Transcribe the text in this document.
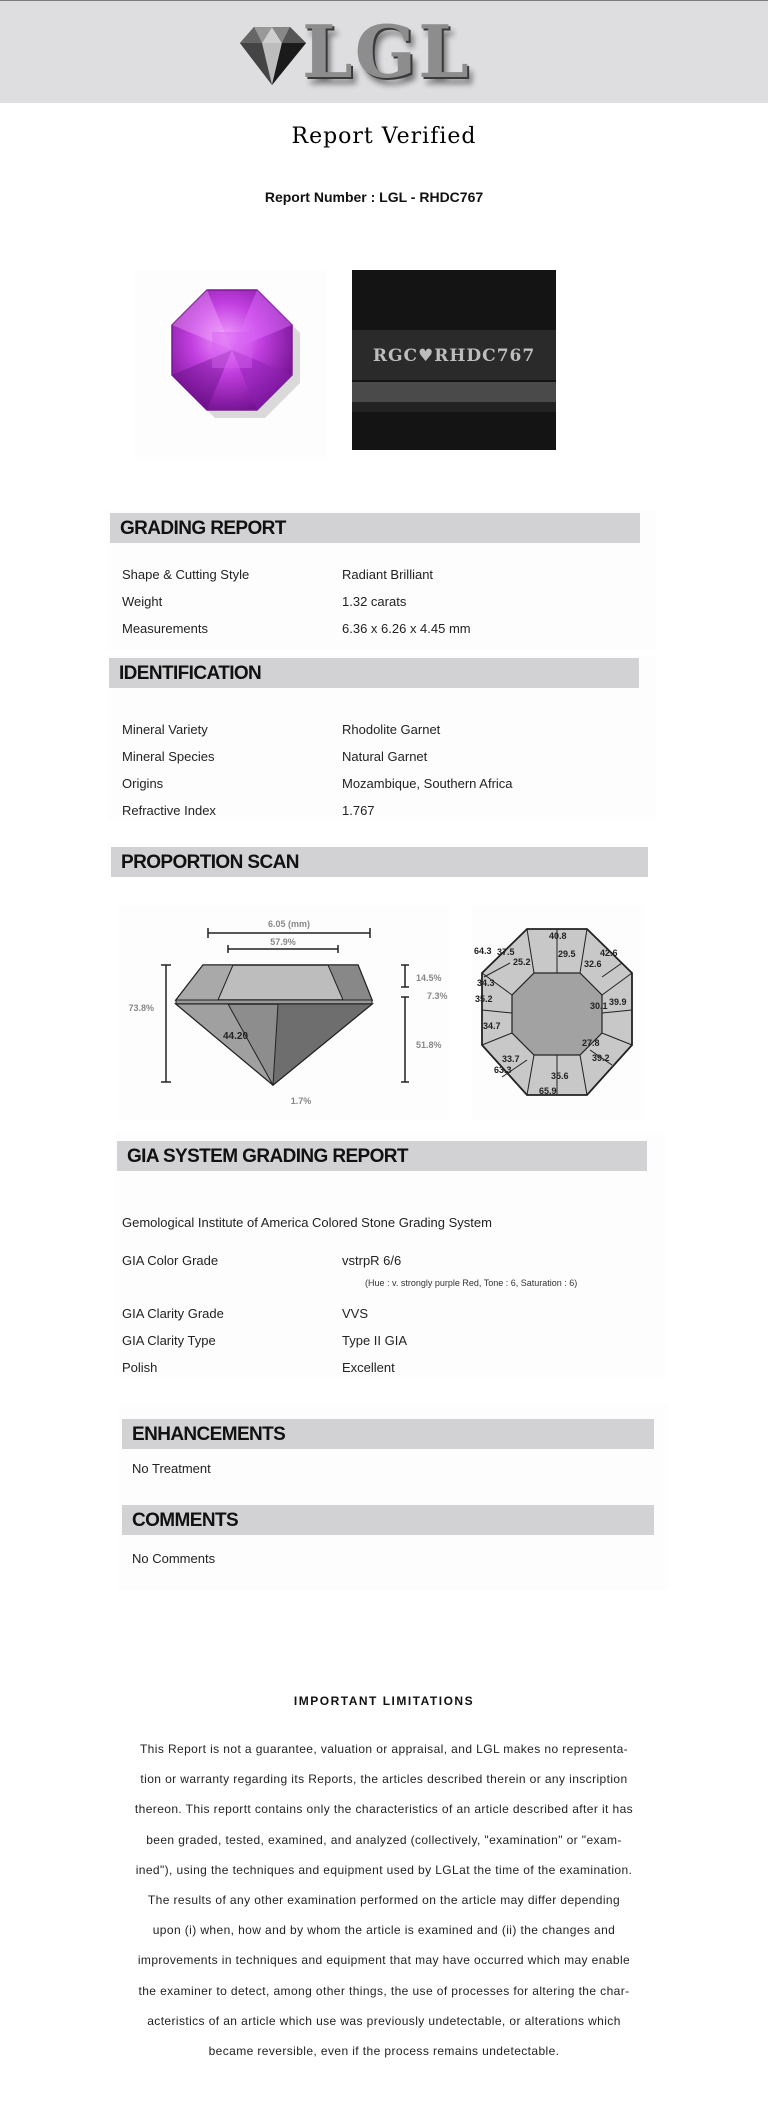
LGL
Report Verified
Report Number : LGL - RHDC767
RGC♥RHDC767
GRADING REPORT
Shape & Cutting Style	Radiant Brilliant
Weight	1.32 carats
Measurements	6.36 x 6.26 x 4.45 mm
IDENTIFICATION
Mineral Variety	Rhodolite Garnet
Mineral Species	Natural Garnet
Origins	Mozambique, Southern Africa
Refractive Index	1.767
PROPORTION SCAN
6.05 (mm)
57.9%
44.20
73.8%
14.5%
7.3%
51.8%
1.7%
40.8
42.6
29.5
32.6
25.2
37.5
64.3
34.3
35.2	39.9
30.1
34.7
27.8
39.2
33.7
63.3
35.6
65.9
GIA SYSTEM GRADING REPORT
Gemological Institute of America Colored Stone Grading System
GIA Color Grade	vstrpR 6/6
(Hue : v. strongly purple Red, Tone : 6, Saturation : 6)
GIA Clarity Grade	VVS
GIA Clarity Type	Type II GIA
Polish	Excellent
ENHANCEMENTS
No Treatment
COMMENTS
No Comments
IMPORTANT LIMITATIONS
This Report is not a guarantee, valuation or appraisal, and LGL makes no representa-
tion or warranty regarding its Reports, the articles described therein or any inscription
thereon. This reportt contains only the characteristics of an article described after it has
been graded, tested, examined, and analyzed (collectively, "examination" or "exam-
ined"), using the techniques and equipment used by LGLat the time of the examination.
The results of any other examination performed on the article may differ depending
upon (i) when, how and by whom the article is examined and (ii) the changes and
improvements in techniques and equipment that may have occurred which may enable
the examiner to detect, among other things, the use of processes for altering the char-
acteristics of an article which use was previously undetectable, or alterations which
became reversible, even if the process remains undetectable.
